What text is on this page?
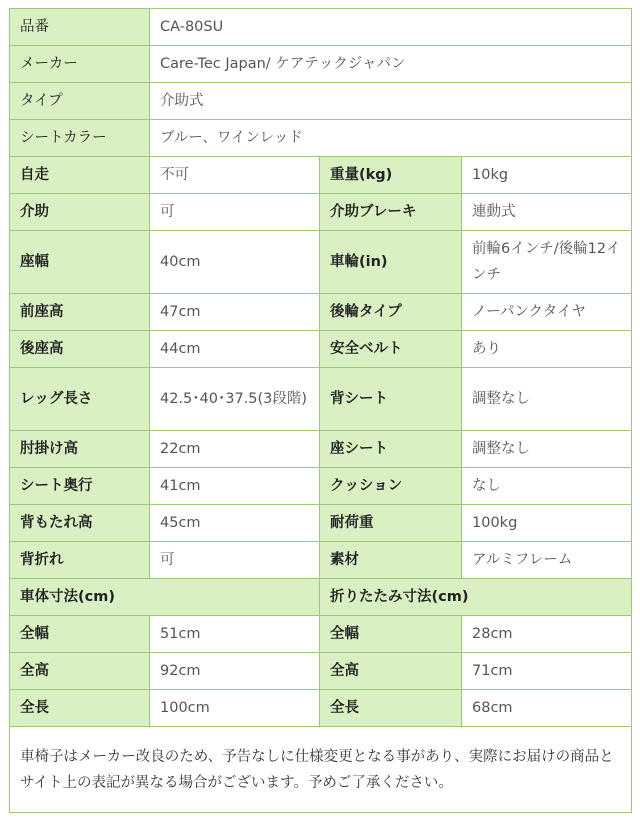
品番	CA-80SU		
メーカー	Care-Tec Japan/ ケアテックジャパン		
タイプ	介助式		
シートカラー	ブルー、ワインレッド		
自走	不可	重量(kg)	10kg
介助	可	介助ブレーキ	連動式
座幅	40cm	車輪(in)	前輪6インチ/後輪12インチ
前座高	47cm	後輪タイプ	ノーパンクタイヤ
後座高	44cm	安全ベルト	あり
レッグ長さ	42.5･40･37.5(3段階)	背シート	調整なし
肘掛け高	22cm	座シート	調整なし
シート奥行	41cm	クッション	なし
背もたれ高	45cm	耐荷重	100kg
背折れ	可	素材	アルミフレーム
車体寸法(cm)		折りたたみ寸法(cm)	
全幅	51cm	全幅	28cm
全高	92cm	全高	71cm
全長	100cm	全長	68cm
車椅子はメーカー改良のため、予告なしに仕様変更となる事があり、実際にお届けの商品とサイト上の表記が異なる場合がございます。予めご了承ください。			
